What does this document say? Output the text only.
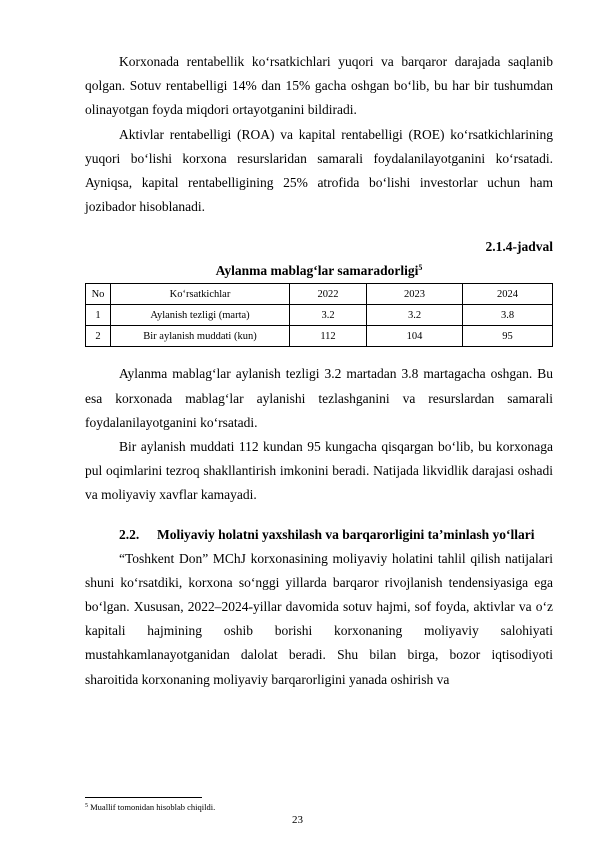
Korxonada rentabellik ko‘rsatkichlari yuqori va barqaror darajada saqlanib qolgan. Sotuv rentabelligi 14% dan 15% gacha oshgan bo‘lib, bu har bir tushumdan olinayotgan foyda miqdori ortayotganini bildiradi.

Aktivlar rentabelligi (ROA) va kapital rentabelligi (ROE) ko‘rsatkichlarining yuqori bo‘lishi korxona resurslaridan samarali foydalanilayotganini ko‘rsatadi. Ayniqsa, kapital rentabelligining 25% atrofida bo‘lishi investorlar uchun ham jozibador hisoblanadi.

2.1.4-jadval
Aylanma mablag‘lar samaradorligi$^5$
No	Ko‘rsatkichlar	2022	2023	2024
1	Aylanish tezligi (marta)	3.2	3.2	3.8
2	Bir aylanish muddati (kun)	112	104	95

Aylanma mablag‘lar aylanish tezligi 3.2 martadan 3.8 martagacha oshgan. Bu esa korxonada mablag‘lar aylanishi tezlashganini va resurslardan samarali foydalanilayotganini ko‘rsatadi.

Bir aylanish muddati 112 kundan 95 kungacha qisqargan bo‘lib, bu korxonaga pul oqimlarini tezroq shakllantirish imkonini beradi. Natijada likvidlik darajasi oshadi va moliyaviy xavflar kamayadi.

2.2. Moliyaviy holatni yaxshilash va barqarorligini ta’minlash yo‘llari

“Toshkent Don” MChJ korxonasining moliyaviy holatini tahlil qilish natijalari shuni ko‘rsatdiki, korxona so‘nggi yillarda barqaror rivojlanish tendensiyasiga ega bo‘lgan. Xususan, 2022–2024-yillar davomida sotuv hajmi, sof foyda, aktivlar va o‘z kapitali hajmining oshib borishi korxonaning moliyaviy salohiyati mustahkamlanayotganidan dalolat beradi. Shu bilan birga, bozor iqtisodiyoti sharoitida korxonaning moliyaviy barqarorligini yanada oshirish va

$^5$ Muallif tomonidan hisoblab chiqildi.
23
